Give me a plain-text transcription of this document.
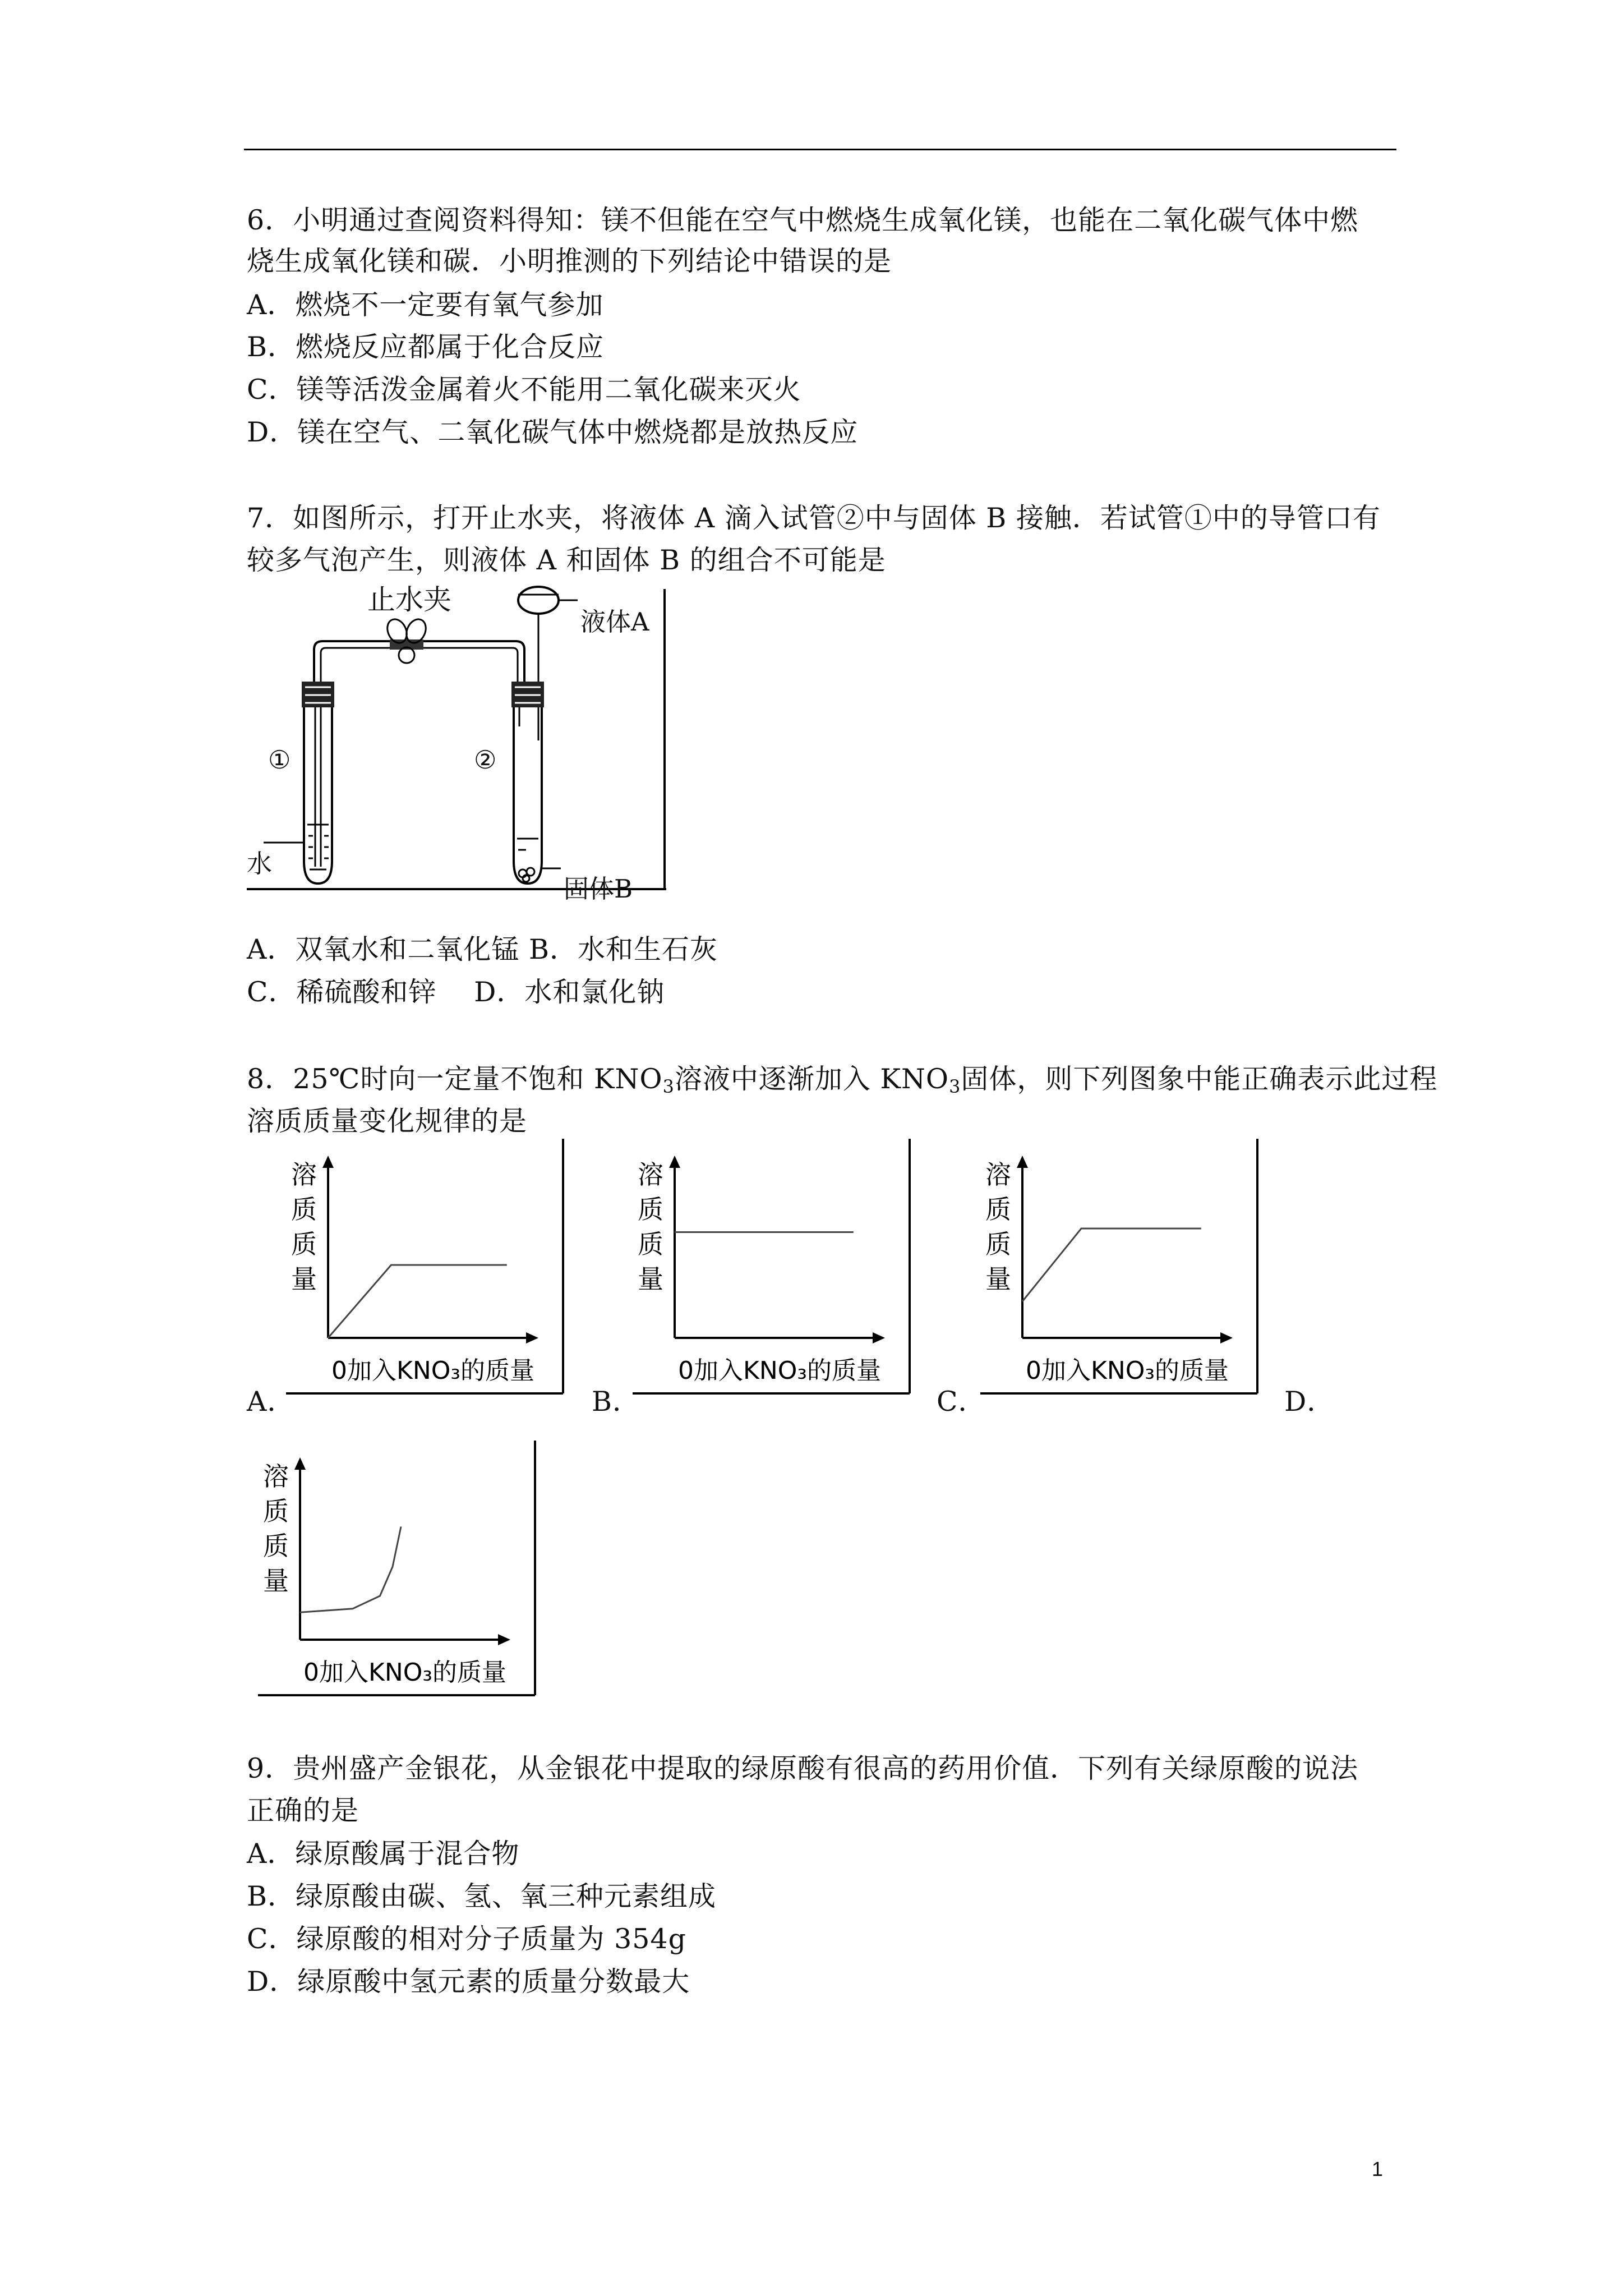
6．小明通过查阅资料得知：镁不但能在空气中燃烧生成氧化镁，也能在二氧化碳气体中燃
烧生成氧化镁和碳．小明推测的下列结论中错误的是
A．燃烧不一定要有氧气参加
B．燃烧反应都属于化合反应
C．镁等活泼金属着火不能用二氧化碳来灭火
D．镁在空气、二氧化碳气体中燃烧都是放热反应
7．如图所示，打开止水夹，将液体 A 滴入试管②中与固体 B 接触．若试管①中的导管口有
较多气泡产生，则液体 A 和固体 B 的组合不可能是
止水夹
液体A
①	②
水
固体B
A．双氧水和二氧化锰 B．水和生石灰
C．稀硫酸和锌　 D．水和氯化钠
8．25℃时向一定量不饱和 $KNO_3$溶液中逐渐加入 $KNO_3$固体，则下列图象中能正确表示此过程
溶质质量变化规律的是
A．	B．	C．	D．
溶质质量
0加入KNO₃的质量
溶质质量
0加入KNO₃的质量
溶质质量
0加入KNO₃的质量
溶质质量
0加入KNO₃的质量
9．贵州盛产金银花，从金银花中提取的绿原酸有很高的药用价值．下列有关绿原酸的说法
正确的是
A．绿原酸属于混合物
B．绿原酸由碳、氢、氧三种元素组成
C．绿原酸的相对分子质量为 354g
D．绿原酸中氢元素的质量分数最大
1
